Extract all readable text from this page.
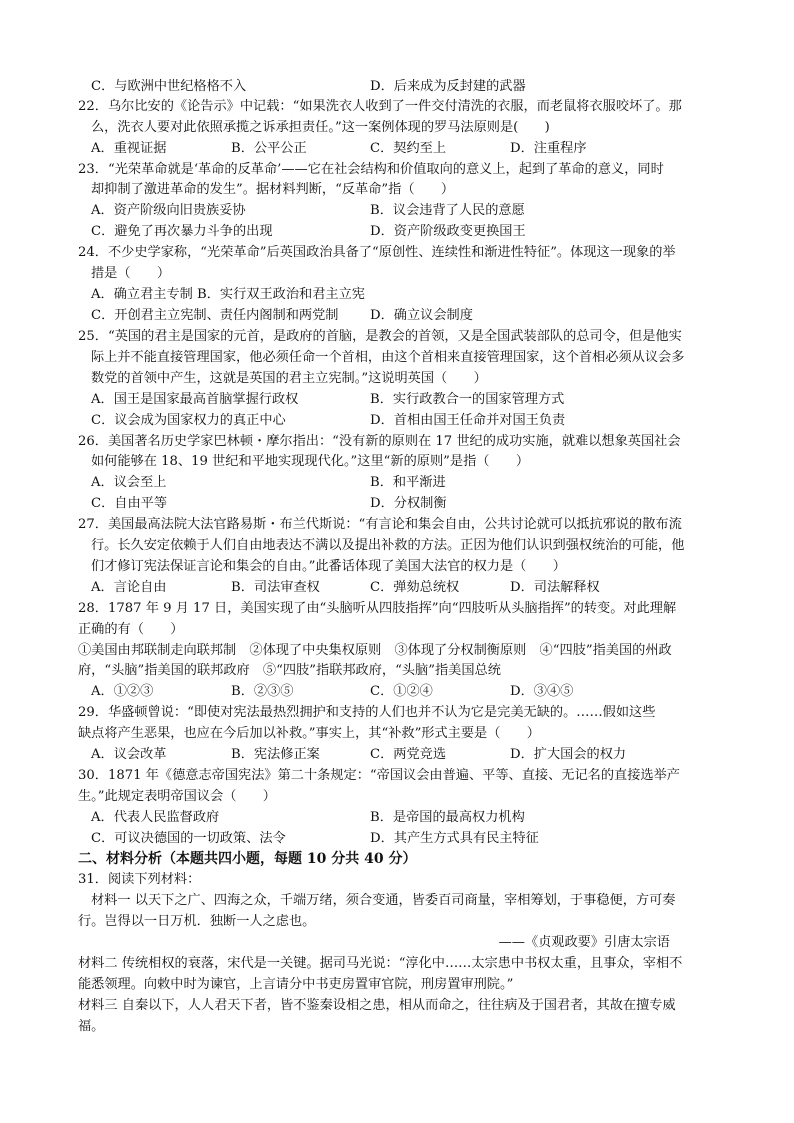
C．与欧洲中世纪格格不入	D．后来成为反封建的武器
22．乌尔比安的《论告示》中记载：“如果洗衣人收到了一件交付清洗的衣服，而老鼠将衣服咬坏了。那
么，洗衣人要对此依照承揽之诉承担责任。”这一案例体现的罗马法原则是(　　)
A．重视证据	B．公平公正	C．契约至上	D．注重程序
23．“光荣革命就是‘革命的反革命’——它在社会结构和价值取向的意义上，起到了革命的意义，同时
却抑制了激进革命的发生”。据材料判断，“反革命”指（　　）
A．资产阶级向旧贵族妥协	B．议会违背了人民的意愿
C．避免了再次暴力斗争的出现	D．资产阶级政变更换国王
24．不少史学家称，“光荣革命”后英国政治具备了“原创性、连续性和渐进性特征”。体现这一现象的举
措是（　　）
A．确立君主专制 B．实行双王政治和君主立宪
C．开创君主立宪制、责任内阁制和两党制 D．确立议会制度
25．“英国的君主是国家的元首，是政府的首脑，是教会的首领，又是全国武装部队的总司令，但是他实
际上并不能直接管理国家，他必须任命一个首相，由这个首相来直接管理国家，这个首相必须从议会多
数党的首领中产生，这就是英国的君主立宪制。”这说明英国（　　）
A．国王是国家最高首脑掌握行政权	B．实行政教合一的国家管理方式
C．议会成为国家权力的真正中心	D．首相由国王任命并对国王负责
26．美国著名历史学家巴林顿・摩尔指出：“没有新的原则在 17 世纪的成功实施，就难以想象英国社会
如何能够在 18、19 世纪和平地实现现代化。”这里“新的原则”是指（　　）
A．议会至上	B．和平渐进
C．自由平等	D．分权制衡
27．美国最高法院大法官路易斯・布兰代斯说：“有言论和集会自由，公共讨论就可以抵抗邪说的散布流
行。长久安定依赖于人们自由地表达不满以及提出补救的方法。正因为他们认识到强权统治的可能，他
们才修订宪法保证言论和集会的自由。”此番话体现了美国大法官的权力是（　　）
A．言论自由	B．司法审查权	C．弹劾总统权	D．司法解释权
28．1787 年 9 月 17 日，美国实现了由“头脑听从四肢指挥”向“四肢听从头脑指挥”的转变。对此理解
正确的有（　　）
①美国由邦联制走向联邦制　②体现了中央集权原则　③体现了分权制衡原则　④“四肢”指美国的州政
府，“头脑”指美国的联邦政府　⑤“四肢”指联邦政府，“头脑”指美国总统
A．①②③	B．②③⑤	C．①②④	D．③④⑤
29．华盛顿曾说：“即使对宪法最热烈拥护和支持的人们也并不认为它是完美无缺的。……假如这些
缺点将产生恶果，也应在今后加以补救。”事实上，其“补救”形式主要是（　　）
A．议会改革	B．宪法修正案	C．两党竞选	D．扩大国会的权力
30．1871 年《德意志帝国宪法》第二十条规定：“帝国议会由普遍、平等、直接、无记名的直接选举产
生。”此规定表明帝国议会（　　）
A．代表人民监督政府	B．是帝国的最高权力机构
C．可议决德国的一切政策、法令	D．其产生方式具有民主特征
二、材料分析（本题共四小题，每题 10 分共 40 分）
31．阅读下列材料：
材料一 以天下之广、四海之众，千端万绪，须合变通，皆委百司商量，宰相筹划，于事稳便，方可奏
行。岂得以一日万机．独断一人之虑也。
——《贞观政要》引唐太宗语
材料二 传统相权的衰落，宋代是一关键。据司马光说：“淳化中……太宗患中书权太重，且事众，宰相不
能悉领理。向敕中时为谏官，上言请分中书吏房置审官院，刑房置审刑院。”
材料三 自秦以下，人人君天下者，皆不鉴秦设相之患，相从而命之，往往病及于国君者，其故在擅专威
福。
